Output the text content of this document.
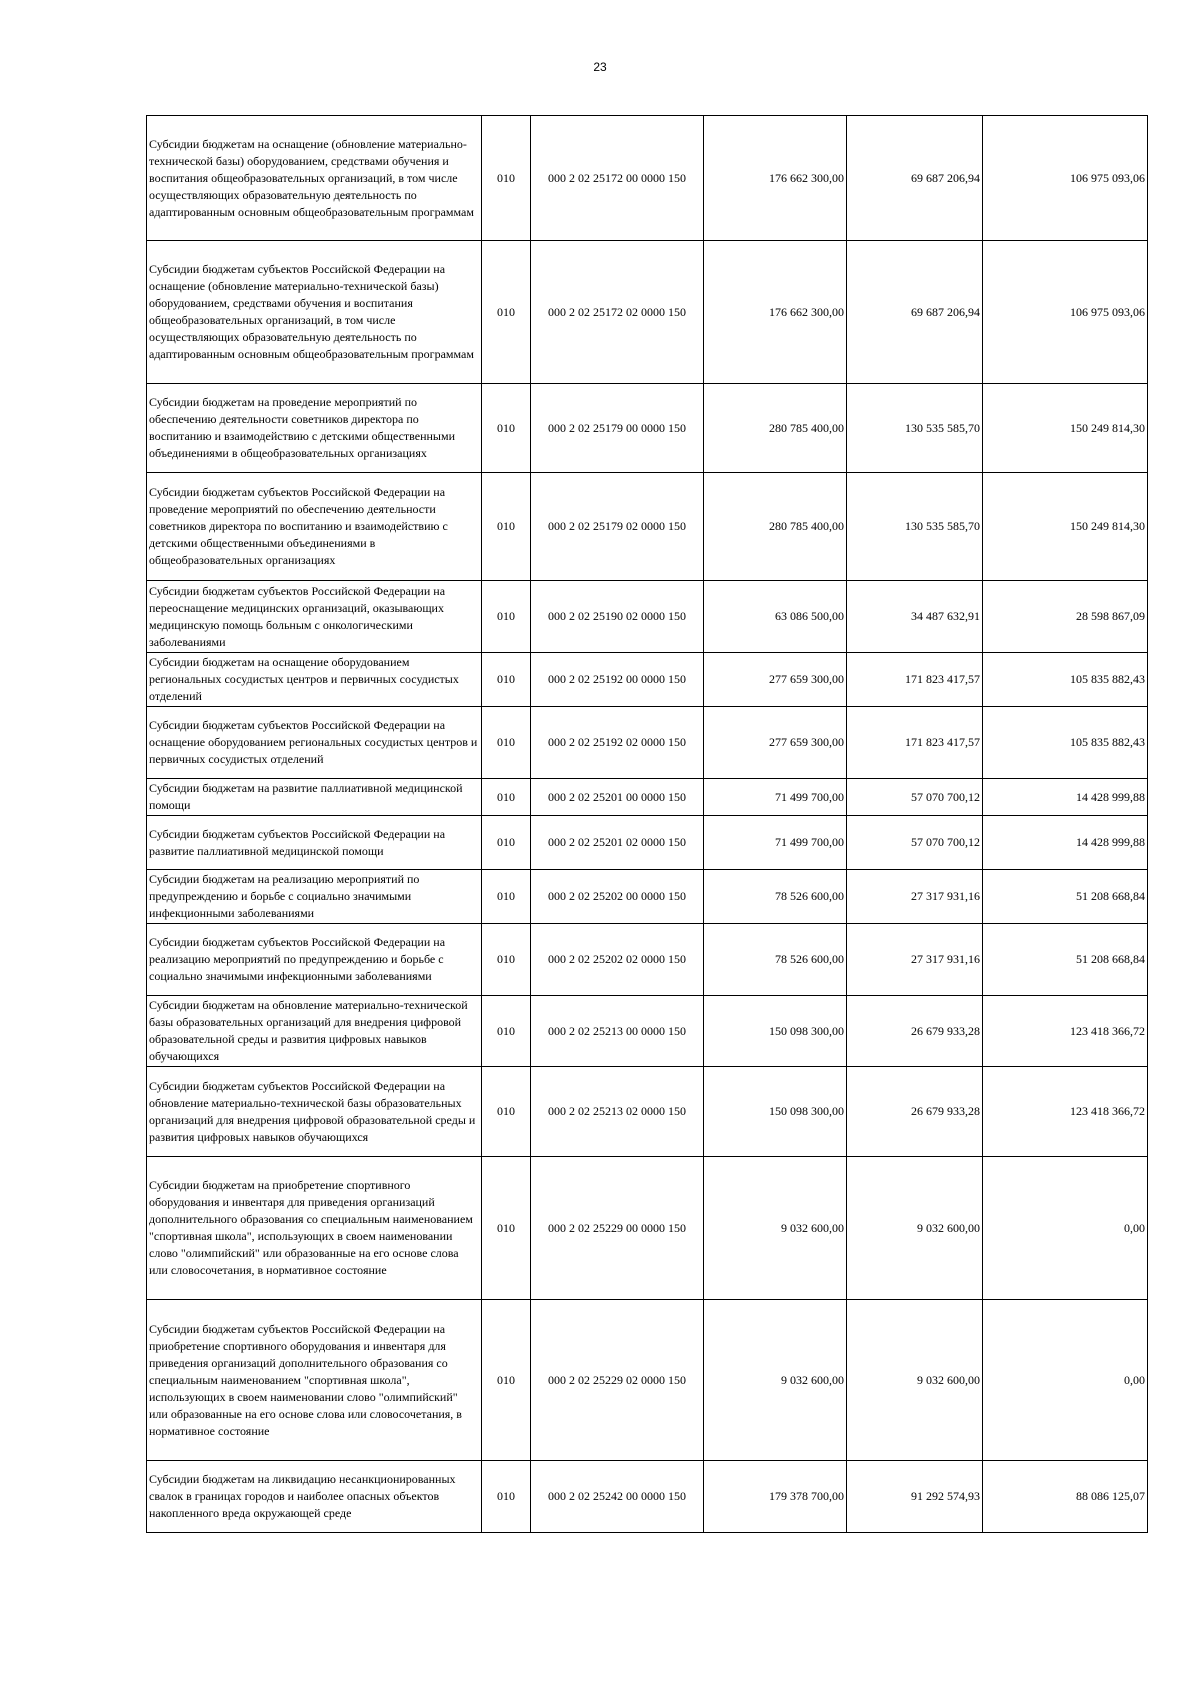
23
Субсидии бюджетам на оснащение (обновление материально-технической базы) оборудованием, средствами обучения и воспитания общеобразовательных организаций, в том числе осуществляющих образовательную деятельность по адаптированным основным общеобразовательным программам	010	000 2 02 25172 00 0000 150	176 662 300,00	69 687 206,94	106 975 093,06
Субсидии бюджетам субъектов Российской Федерации на оснащение (обновление материально-технической базы) оборудованием, средствами обучения и воспитания общеобразовательных организаций, в том числе осуществляющих образовательную деятельность по адаптированным основным общеобразовательным программам	010	000 2 02 25172 02 0000 150	176 662 300,00	69 687 206,94	106 975 093,06
Субсидии бюджетам на проведение мероприятий по обеспечению деятельности советников директора по воспитанию и взаимодействию с детскими общественными объединениями в общеобразовательных организациях	010	000 2 02 25179 00 0000 150	280 785 400,00	130 535 585,70	150 249 814,30
Субсидии бюджетам субъектов Российской Федерации на проведение мероприятий по обеспечению деятельности советников директора по воспитанию и взаимодействию с детскими общественными объединениями в общеобразовательных организациях	010	000 2 02 25179 02 0000 150	280 785 400,00	130 535 585,70	150 249 814,30
Субсидии бюджетам субъектов Российской Федерации на переоснащение медицинских организаций, оказывающих медицинскую помощь больным с онкологическими заболеваниями	010	000 2 02 25190 02 0000 150	63 086 500,00	34 487 632,91	28 598 867,09
Субсидии бюджетам на оснащение оборудованием региональных сосудистых центров и первичных сосудистых отделений	010	000 2 02 25192 00 0000 150	277 659 300,00	171 823 417,57	105 835 882,43
Субсидии бюджетам субъектов Российской Федерации на оснащение оборудованием региональных сосудистых центров и первичных сосудистых отделений	010	000 2 02 25192 02 0000 150	277 659 300,00	171 823 417,57	105 835 882,43
Субсидии бюджетам на развитие паллиативной медицинской помощи	010	000 2 02 25201 00 0000 150	71 499 700,00	57 070 700,12	14 428 999,88
Субсидии бюджетам субъектов Российской Федерации на развитие паллиативной медицинской помощи	010	000 2 02 25201 02 0000 150	71 499 700,00	57 070 700,12	14 428 999,88
Субсидии бюджетам на реализацию мероприятий по предупреждению и борьбе с социально значимыми инфекционными заболеваниями	010	000 2 02 25202 00 0000 150	78 526 600,00	27 317 931,16	51 208 668,84
Субсидии бюджетам субъектов Российской Федерации на реализацию мероприятий по предупреждению и борьбе с социально значимыми инфекционными заболеваниями	010	000 2 02 25202 02 0000 150	78 526 600,00	27 317 931,16	51 208 668,84
Субсидии бюджетам на обновление материально-технической базы образовательных организаций для внедрения цифровой образовательной среды и развития цифровых навыков обучающихся	010	000 2 02 25213 00 0000 150	150 098 300,00	26 679 933,28	123 418 366,72
Субсидии бюджетам субъектов Российской Федерации на обновление материально-технической базы образовательных организаций для внедрения цифровой образовательной среды и развития цифровых навыков обучающихся	010	000 2 02 25213 02 0000 150	150 098 300,00	26 679 933,28	123 418 366,72
Субсидии бюджетам на приобретение спортивного оборудования и инвентаря для приведения организаций дополнительного образования со специальным наименованием "спортивная школа", использующих в своем наименовании слово "олимпийский" или образованные на его основе слова или словосочетания, в нормативное состояние	010	000 2 02 25229 00 0000 150	9 032 600,00	9 032 600,00	0,00
Субсидии бюджетам субъектов Российской Федерации на приобретение спортивного оборудования и инвентаря для приведения организаций дополнительного образования со специальным наименованием "спортивная школа", использующих в своем наименовании слово "олимпийский" или образованные на его основе слова или словосочетания, в нормативное состояние	010	000 2 02 25229 02 0000 150	9 032 600,00	9 032 600,00	0,00
Субсидии бюджетам на ликвидацию несанкционированных свалок в границах городов и наиболее опасных объектов накопленного вреда окружающей среде	010	000 2 02 25242 00 0000 150	179 378 700,00	91 292 574,93	88 086 125,07
